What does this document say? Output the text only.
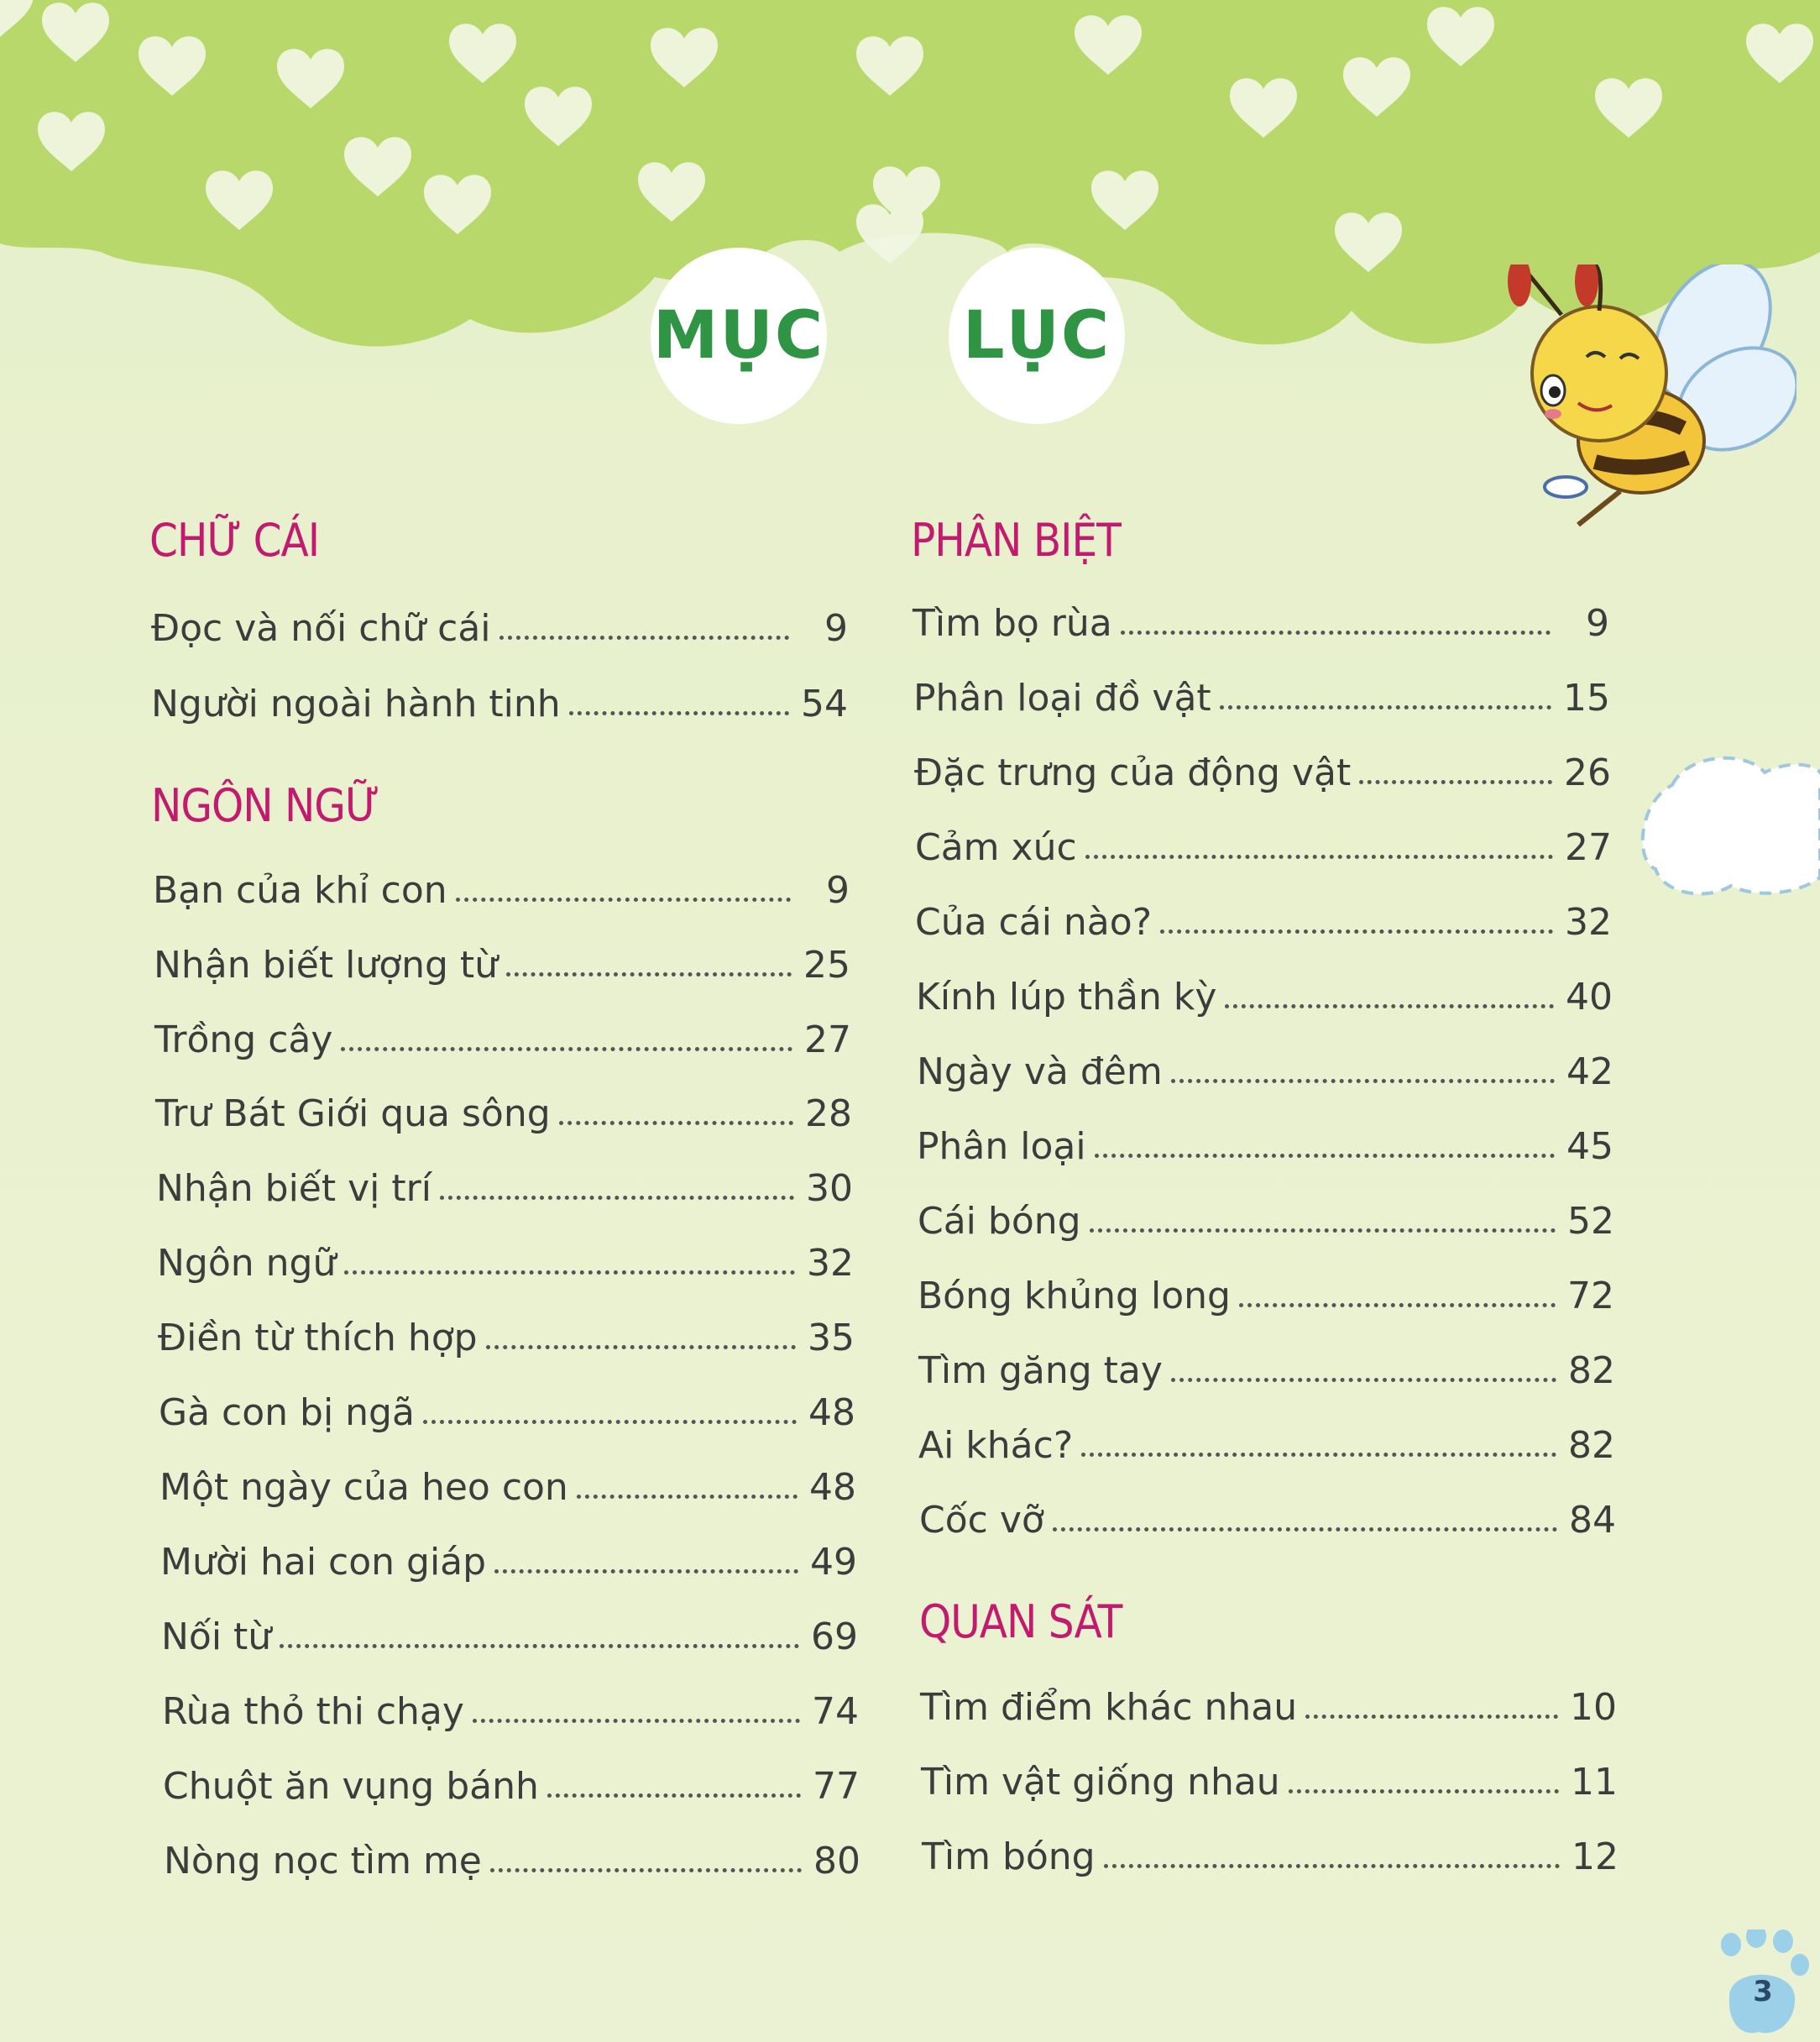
MỤC LỤC
3
CHỮ CÁI
Đọc và nối chữ cái	9
Người ngoài hành tinh	54
NGÔN NGỮ
Bạn của khỉ con	9
Nhận biết lượng từ	25
Trồng cây	27
Trư Bát Giới qua sông	28
Nhận biết vị trí	30
Ngôn ngữ	32
Điền từ thích hợp	35
Gà con bị ngã	48
Một ngày của heo con	48
Mười hai con giáp	49
Nối từ	69
Rùa thỏ thi chạy	74
Chuột ăn vụng bánh	77
Nòng nọc tìm mẹ	80
PHÂN BIỆT
Tìm bọ rùa	9
Phân loại đồ vật	15
Đặc trưng của động vật	26
Cảm xúc	27
Của cái nào?	32
Kính lúp thần kỳ	40
Ngày và đêm	42
Phân loại	45
Cái bóng	52
Bóng khủng long	72
Tìm găng tay	82
Ai khác?	82
Cốc vỡ	84
QUAN SÁT
Tìm điểm khác nhau	10
Tìm vật giống nhau	11
Tìm bóng	12
